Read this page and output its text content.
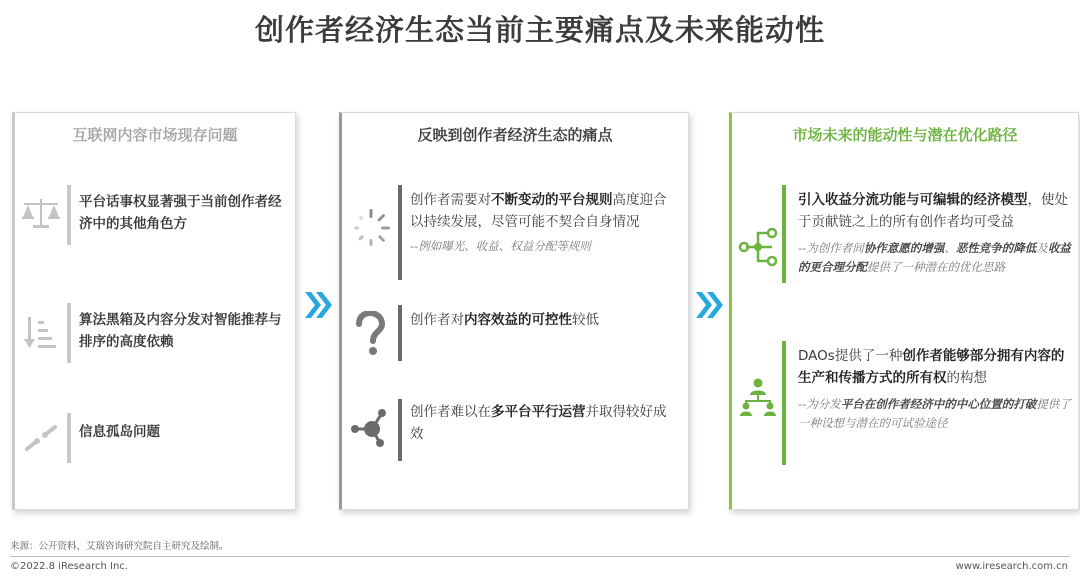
创作者经济生态当前主要痛点及未来能动性
互联网内容市场现存问题
平台话事权显著强于当前创作者经济中的其他角色方
算法黑箱及内容分发对智能推荐与排序的高度依赖
信息孤岛问题
反映到创作者经济生态的痛点
创作者需要对不断变动的平台规则高度迎合以持续发展，尽管可能不契合自身情况
--例如曝光、收益、权益分配等规则
创作者对内容效益的可控性较低
创作者难以在多平台平行运营并取得较好成效
市场未来的能动性与潜在优化路径
引入收益分流功能与可编辑的经济模型，使处于贡献链之上的所有创作者均可受益
--为创作者间协作意愿的增强、恶性竞争的降低及收益的更合理分配提供了一种潜在的优化思路
DAOs提供了一种创作者能够部分拥有内容的生产和传播方式的所有权的构想
--为分发平台在创作者经济中的中心位置的打破提供了一种设想与潜在的可试验途径
来源：公开资料，艾瑞咨询研究院自主研究及绘制。
©2022.8 iResearch Inc.	www.iresearch.com.cn
